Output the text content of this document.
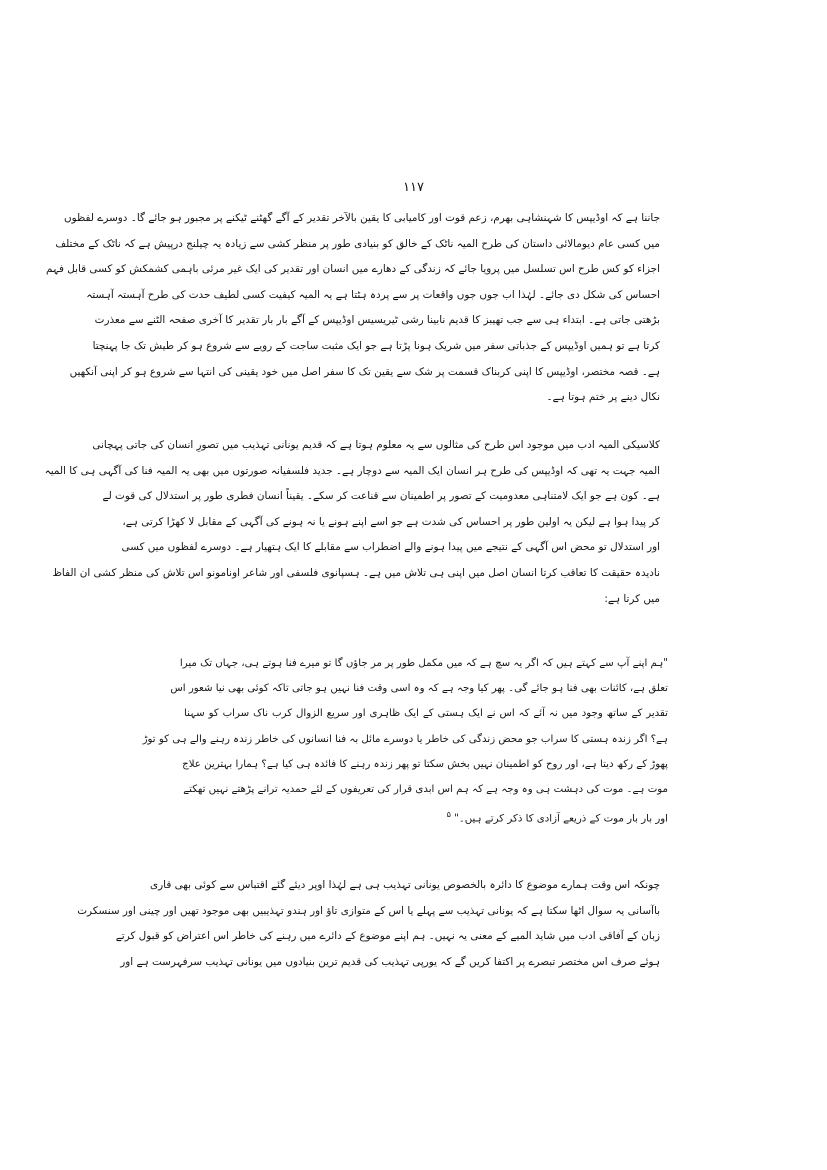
۱۱۷
جاننا ہے کہ اوڈیپس کا شہنشاہی بھرم، زعم قوت اور کامیابی کا یقین بالآخر تقدیر کے آگے گھٹنے ٹیکنے پر مجبور ہو جائے گا۔ دوسرے لفظوں
میں کسی عام دیومالائی داستان کی طرح المیہ ناٹک کے خالق کو بنیادی طور پر منظر کشی سے زیادہ یہ چیلنج درپیش ہے کہ ناٹک کے مختلف
اجزاء کو کس طرح اس تسلسل میں پرویا جائے کہ زندگی کے دھارے میں انسان اور تقدیر کی ایک غیر مرئی باہمی کشمکش کو کسی قابل فہم
احساس کی شکل دی جائے۔ لہٰذا اب جوں جوں واقعات پر سے پردہ ہٹتا ہے یہ المیہ کیفیت کسی لطیف حدت کی طرح آہستہ آہستہ
بڑھتی جاتی ہے۔ ابتداء ہی سے جب تھیبز کا قدیم نابینا رشی ٹیریسیس اوڈیپس کے آگے بار بار تقدیر کا آخری صفحہ الٹنے سے معذرت
کرتا ہے تو ہمیں اوڈیپس کے جذباتی سفر میں شریک ہونا پڑتا ہے جو ایک مثبت ساجت کے رویے سے شروع ہو کر طیش تک جا پہنچتا
ہے۔ قصہ مختصر، اوڈیپس کا اپنی کربناک قسمت پر شک سے یقین تک کا سفر اصل میں خود یقینی کی انتہا سے شروع ہو کر اپنی آنکھیں
نکال دینے پر ختم ہوتا ہے۔
کلاسیکی المیہ ادب میں موجود اس طرح کی مثالوں سے یہ معلوم ہوتا ہے کہ قدیم یونانی تہذیب میں تصورِ انسان کی جاتی پہچانی
المیہ جہت یہ تھی کہ اوڈیپس کی طرح ہر انسان ایک المیہ سے دوچار ہے۔ جدید فلسفیانہ صورتوں میں بھی یہ المیہ فنا کی آگہی ہی کا المیہ
ہے۔ کون ہے جو ایک لامتناہی معدومیت کے تصور پر اطمینان سے قناعت کر سکے۔ یقیناً انسان فطری طور پر استدلال کی قوت لے
کر پیدا ہوا ہے لیکن یہ اولین طور پر احساس کی شدت ہے جو اسے اپنے ہونے یا نہ ہونے کی آگہی کے مقابل لا کھڑا کرتی ہے،
اور استدلال تو محض اس آگہی کے نتیجے میں پیدا ہونے والے اضطراب سے مقابلے کا ایک ہتھیار ہے۔ دوسرے لفظوں میں کسی
نادیدہ حقیقت کا تعاقب کرتا انسان اصل میں اپنی ہی تلاش میں ہے۔ ہسپانوی فلسفی اور شاعر اونامونو اس تلاش کی منظر کشی ان الفاظ
میں کرتا ہے:
"ہم اپنے آپ سے کہتے ہیں کہ اگر یہ سچ ہے کہ میں مکمل طور پر مر جاؤں گا تو میرے فنا ہوتے ہی، جہاں تک میرا
تعلق ہے، کائنات بھی فنا ہو جائے گی۔ پھر کیا وجہ ہے کہ وہ اسی وقت فنا نہیں ہو جاتی تاکہ کوئی بھی نیا شعور اس
تقدیر کے ساتھ وجود میں نہ آئے کہ اس نے ایک ہستی کے ایک ظاہری اور سریع الزوال کرب ناک سراب کو سہنا
ہے؟ اگر زندہ ہستی کا سراب جو محض زندگی کی خاطر یا دوسرے مائل بہ فنا انسانوں کی خاطر زندہ رہنے والے ہی کو توڑ
پھوڑ کے رکھ دیتا ہے، اور روح کو اطمینان نہیں بخش سکتا تو پھر زندہ رہنے کا فائدہ ہی کیا ہے؟ ہمارا بہترین علاج
موت ہے۔ موت کی دہشت ہی وہ وجہ ہے کہ ہم اس ابدی قرار کی تعریفوں کے لئے حمدیہ ترانے پڑھتے نہیں تھکتے
اور بار بار موت کے ذریعے آزادی کا ذکر کرتے ہیں۔" $^۵$
چونکہ اس وقت ہمارے موضوع کا دائرہ بالخصوص یونانی تہذیب ہی ہے لہٰذا اوپر دیئے گئے اقتباس سے کوئی بھی قاری
باآسانی یہ سوال اٹھا سکتا ہے کہ یونانی تہذیب سے پہلے یا اس کے متوازی تاؤ اور ہندو تہذیبیں بھی موجود تھیں اور چینی اور سنسکرت
زبان کے آفاقی ادب میں شاید المیے کے معنی یہ نہیں۔ ہم اپنے موضوع کے دائرے میں رہنے کی خاطر اس اعتراض کو قبول کرتے
ہوئے صرف اس مختصر تبصرے پر اکتفا کریں گے کہ یورپی تہذیب کی قدیم ترین بنیادوں میں یونانی تہذیب سرفہرست ہے اور
